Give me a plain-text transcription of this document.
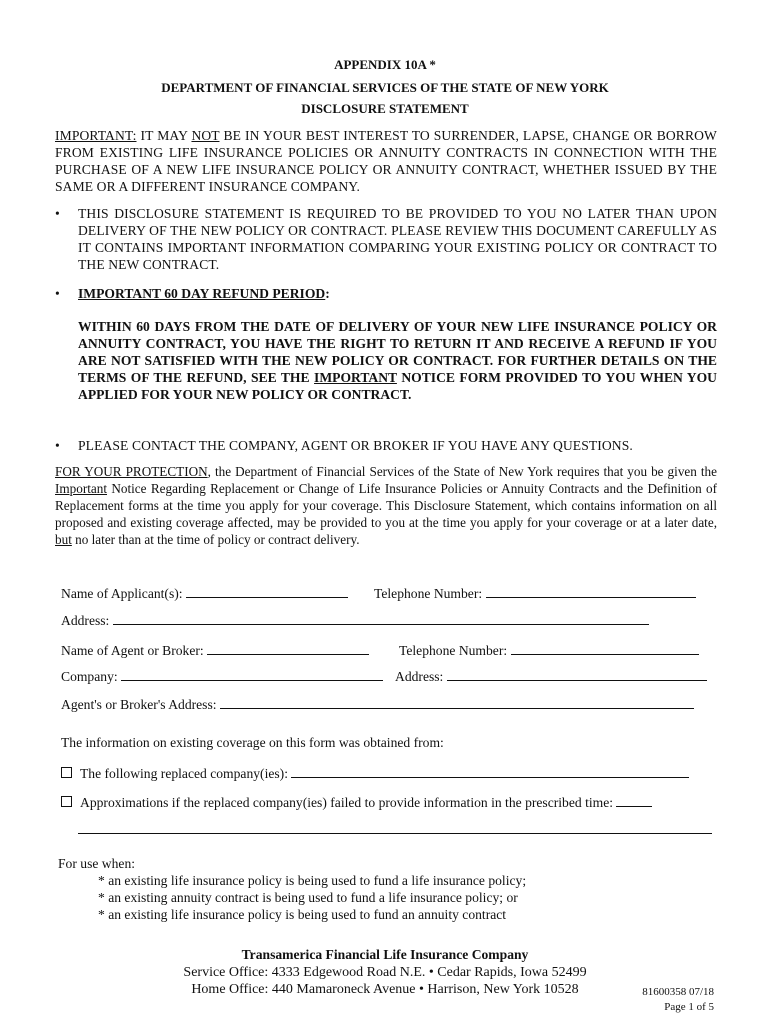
APPENDIX 10A *
DEPARTMENT OF FINANCIAL SERVICES OF THE STATE OF NEW YORK
DISCLOSURE STATEMENT
IMPORTANT: IT MAY NOT BE IN YOUR BEST INTEREST TO SURRENDER, LAPSE, CHANGE OR BORROW FROM EXISTING LIFE INSURANCE POLICIES OR ANNUITY CONTRACTS IN CONNECTION WITH THE PURCHASE OF A NEW LIFE INSURANCE POLICY OR ANNUITY CONTRACT, WHETHER ISSUED BY THE SAME OR A DIFFERENT INSURANCE COMPANY.
•	THIS DISCLOSURE STATEMENT IS REQUIRED TO BE PROVIDED TO YOU NO LATER THAN UPON DELIVERY OF THE NEW POLICY OR CONTRACT. PLEASE REVIEW THIS DOCUMENT CAREFULLY AS IT CONTAINS IMPORTANT INFORMATION COMPARING YOUR EXISTING POLICY OR CONTRACT TO THE NEW CONTRACT.
•	IMPORTANT 60 DAY REFUND PERIOD:
WITHIN 60 DAYS FROM THE DATE OF DELIVERY OF YOUR NEW LIFE INSURANCE POLICY OR ANNUITY CONTRACT, YOU HAVE THE RIGHT TO RETURN IT AND RECEIVE A REFUND IF YOU ARE NOT SATISFIED WITH THE NEW POLICY OR CONTRACT. FOR FURTHER DETAILS ON THE TERMS OF THE REFUND, SEE THE IMPORTANT NOTICE FORM PROVIDED TO YOU WHEN YOU APPLIED FOR YOUR NEW POLICY OR CONTRACT.
•	PLEASE CONTACT THE COMPANY, AGENT OR BROKER IF YOU HAVE ANY QUESTIONS.
FOR YOUR PROTECTION, the Department of Financial Services of the State of New York requires that you be given the Important Notice Regarding Replacement or Change of Life Insurance Policies or Annuity Contracts and the Definition of Replacement forms at the time you apply for your coverage. This Disclosure Statement, which contains information on all proposed and existing coverage affected, may be provided to you at the time you apply for your coverage or at a later date, but no later than at the time of policy or contract delivery.
Name of Applicant(s):	Telephone Number:
Address:
Name of Agent or Broker:	Telephone Number:
Company:	Address:
Agent's or Broker's Address:
The information on existing coverage on this form was obtained from:
The following replaced company(ies):
Approximations if the replaced company(ies) failed to provide information in the prescribed time:
For use when:
* an existing life insurance policy is being used to fund a life insurance policy;
* an existing annuity contract is being used to fund a life insurance policy; or
* an existing life insurance policy is being used to fund an annuity contract
Transamerica Financial Life Insurance Company
Service Office: 4333 Edgewood Road N.E. • Cedar Rapids, Iowa 52499
Home Office: 440 Mamaroneck Avenue • Harrison, New York 10528	81600358 07/18
Page 1 of 5
